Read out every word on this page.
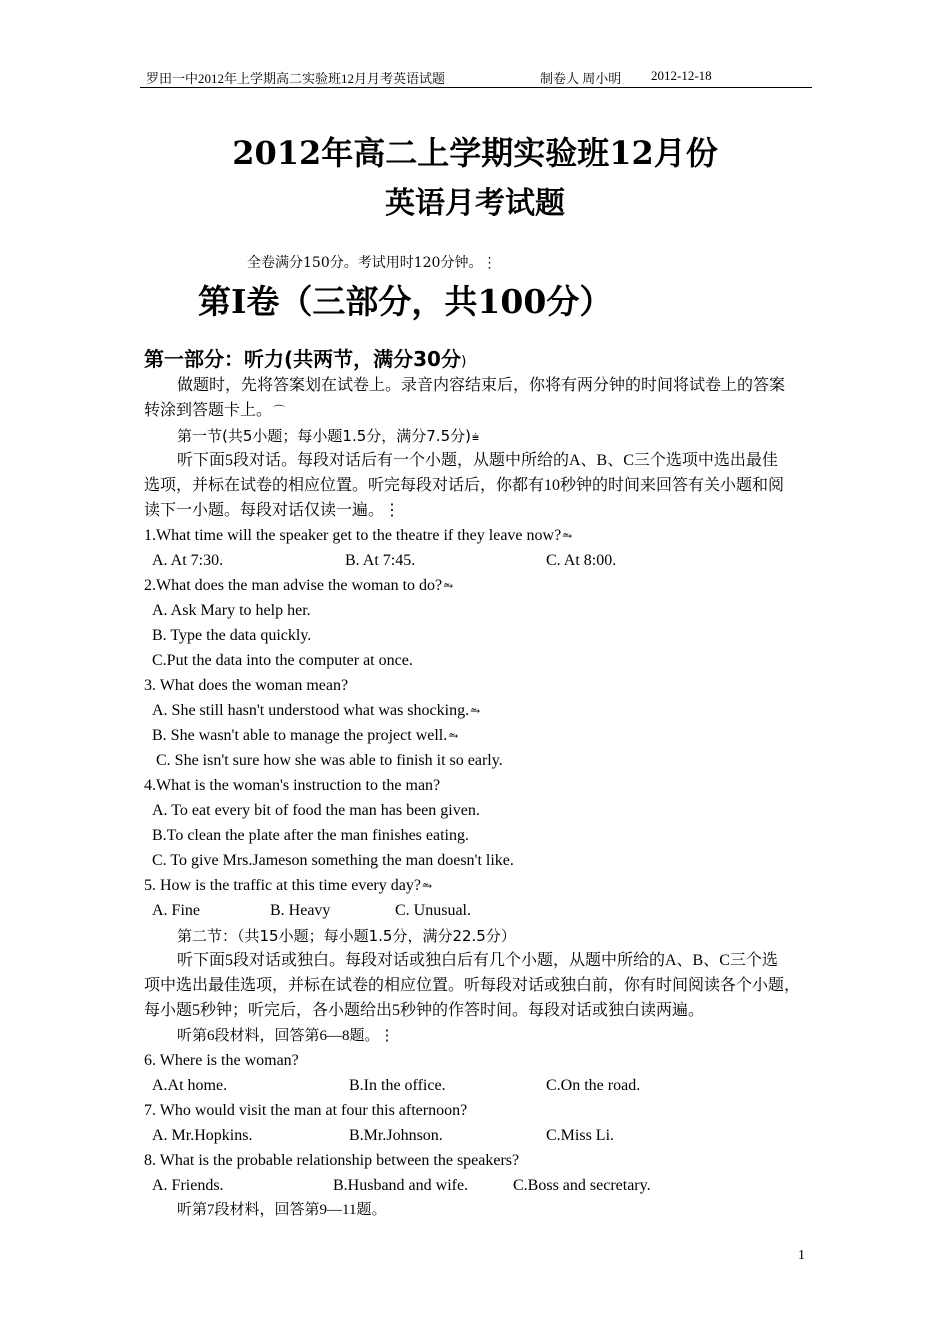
罗田一中2012年上学期高二实验班12月月考英语试题	制卷人 周小明 2012-12-18
2012年高二上学期实验班12月份
英语月考试题
全卷满分150分。考试用时120分钟。⋮
第I卷（三部分，共100分）
第一部分：听力(共两节，满分30分)
做题时，先将答案划在试卷上。录音内容结束后，你将有两分钟的时间将试卷上的答案
转涂到答题卡上。⌒
第一节(共5小题；每小题1.5分，满分7.5分)⩧
听下面5段对话。每段对话后有一个小题，从题中所给的A、B、C三个选项中选出最佳
选项，并标在试卷的相应位置。听完每段对话后，你都有10秒钟的时间来回答有关小题和阅
读下一小题。每段对话仅读一遍。⋮
1.What time will the speaker get to the theatre if they leave now?⥲
A. At 7:30.	B. At 7:45.	C. At 8:00.
2.What does the man advise the woman to do?⥲
A. Ask Mary to help her.
B. Type the data quickly.
C.Put the data into the computer at once.
3. What does the woman mean?
A. She still hasn't understood what was shocking.⥲
B. She wasn't able to manage the project well.⥲
C. She isn't sure how she was able to finish it so early.
4.What is the woman's instruction to the man?
A. To eat every bit of food the man has been given.
B.To clean the plate after the man finishes eating.
C. To give Mrs.Jameson something the man doesn't like.
5. How is the traffic at this time every day?⥲
A. Fine	B. Heavy	C. Unusual.
第二节：（共15小题；每小题1.5分，满分22.5分）
听下面5段对话或独白。每段对话或独白后有几个小题，从题中所给的A、B、C三个选
项中选出最佳选项，并标在试卷的相应位置。听每段对话或独白前，你有时间阅读各个小题，
每小题5秒钟；听完后，各小题给出5秒钟的作答时间。每段对话或独白读两遍。
听第6段材料，回答第6—8题。⋮
6. Where is the woman?
A.At home.	B.In the office.	C.On the road.
7. Who would visit the man at four this afternoon?
A. Mr.Hopkins.	B.Mr.Johnson.	C.Miss Li.
8. What is the probable relationship between the speakers?
A. Friends.	B.Husband and wife.	C.Boss and secretary.
听第7段材料，回答第9—11题。
1
